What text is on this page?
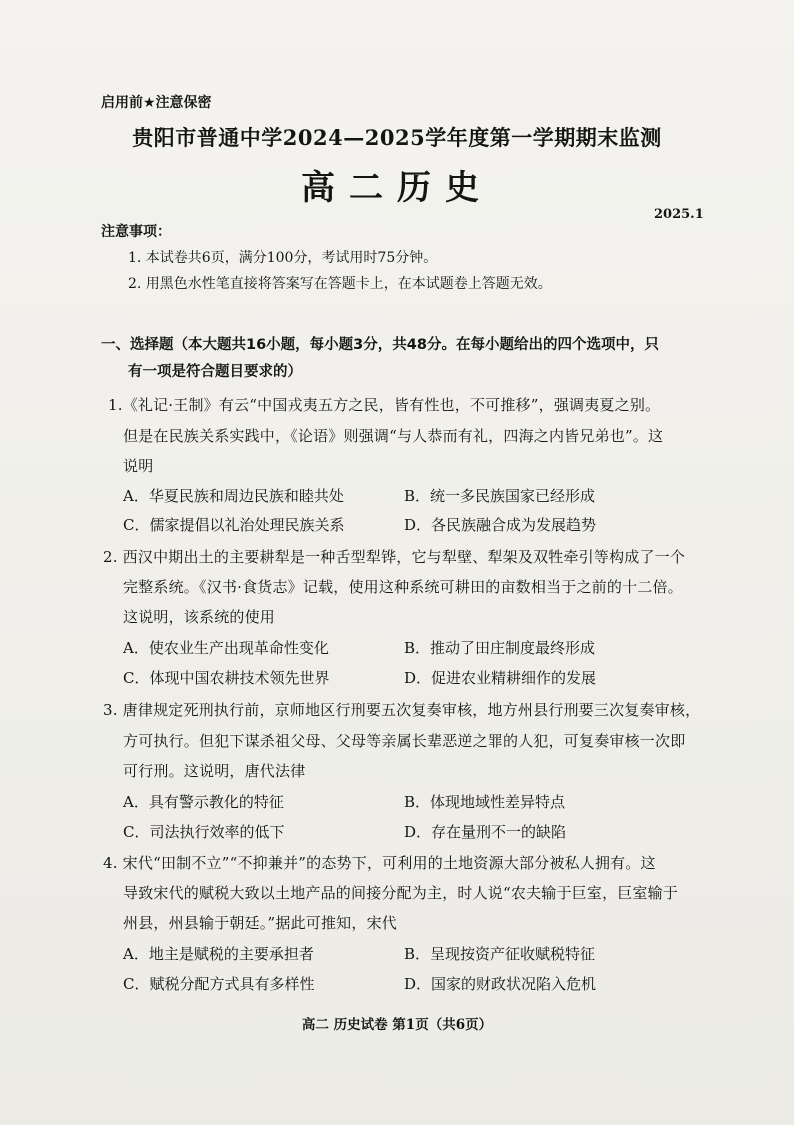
启用前★注意保密
贵阳市普通中学2024—2025学年度第一学期期末监测
高二历史
2025.1
注意事项：
1. 本试卷共6页，满分100分，考试用时75分钟。
2. 用黑色水性笔直接将答案写在答题卡上，在本试题卷上答题无效。
一、选择题（本大题共16小题，每小题3分，共48分。在每小题给出的四个选项中，只
有一项是符合题目要求的）
1.《礼记·王制》有云“中国戎夷五方之民，皆有性也，不可推移”，强调夷夏之别。
但是在民族关系实践中，《论语》则强调“与人恭而有礼，四海之内皆兄弟也”。这
说明
A．华夏民族和周边民族和睦共处	B．统一多民族国家已经形成
C．儒家提倡以礼治处理民族关系	D．各民族融合成为发展趋势
2. 西汉中期出土的主要耕犁是一种舌型犁铧，它与犁壁、犁架及双牲牵引等构成了一个
完整系统。《汉书·食货志》记载，使用这种系统可耕田的亩数相当于之前的十二倍。
这说明，该系统的使用
A．使农业生产出现革命性变化	B．推动了田庄制度最终形成
C．体现中国农耕技术领先世界	D．促进农业精耕细作的发展
3. 唐律规定死刑执行前，京师地区行刑要五次复奏审核，地方州县行刑要三次复奏审核，
方可执行。但犯下谋杀祖父母、父母等亲属长辈恶逆之罪的人犯，可复奏审核一次即
可行刑。这说明，唐代法律
A．具有警示教化的特征	B．体现地域性差异特点
C．司法执行效率的低下	D．存在量刑不一的缺陷
4. 宋代“田制不立”“不抑兼并”的态势下，可利用的土地资源大部分被私人拥有。这
导致宋代的赋税大致以土地产品的间接分配为主，时人说“农夫输于巨室，巨室输于
州县，州县输于朝廷。”据此可推知，宋代
A．地主是赋税的主要承担者	B．呈现按资产征收赋税特征
C．赋税分配方式具有多样性	D．国家的财政状况陷入危机
高二 历史试卷 第1页（共6页）
